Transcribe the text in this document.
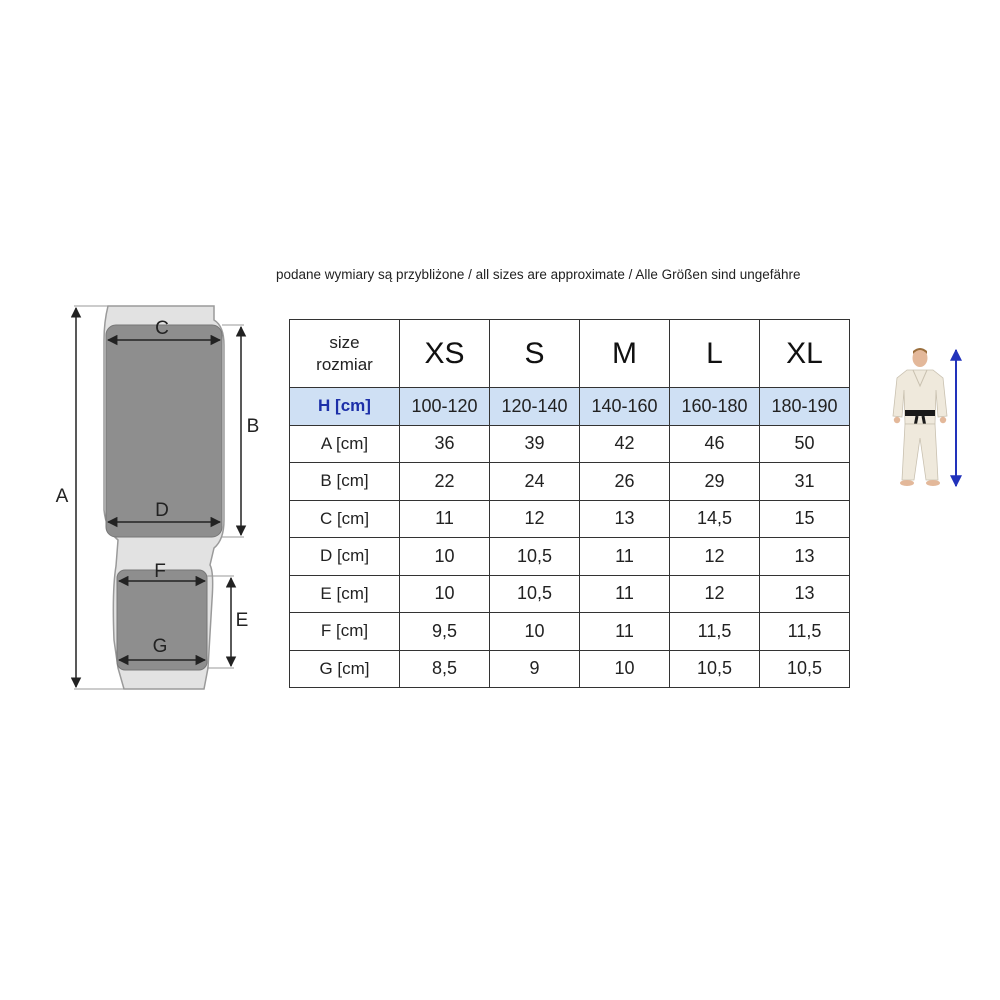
podane wymiary są przybliżone / all sizes are approximate / Alle Größen sind ungefähre
A
B
C
D
E
F
G
size
rozmiar	XS	S	M	L	XL
H [cm]	100-120	120-140	140-160	160-180	180-190
A [cm]	36	39	42	46	50
B [cm]	22	24	26	29	31
C [cm]	11	12	13	14,5	15
D [cm]	10	10,5	11	12	13
E [cm]	10	10,5	11	12	13
F [cm]	9,5	10	11	11,5	11,5
G [cm]	8,5	9	10	10,5	10,5
